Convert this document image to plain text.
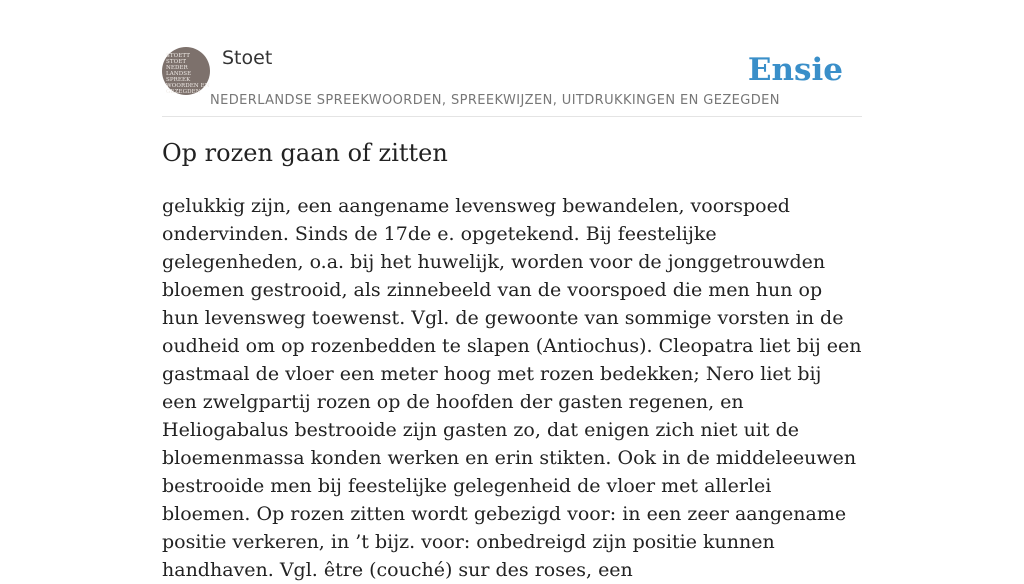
STOETT STOET
NEDER
LANDSE
SPREEK
WOORDEN EN
GEZEGDEN
Stoet
NEDERLANDSE SPREEKWOORDEN, SPREEKWIJZEN, UITDRUKKINGEN EN GEZEGDEN
Ensie
Op rozen gaan of zitten

gelukkig zijn, een aangename levensweg bewandelen, voorspoed ondervinden. Sinds de 17de e. opgetekend. Bij feestelijke gelegenheden, o.a. bij het huwelijk, worden voor de jonggetrouwden bloemen gestrooid, als zinnebeeld van de voorspoed die men hun op hun levensweg toewenst. Vgl. de gewoonte van sommige vorsten in de oudheid om op rozenbedden te slapen (Antiochus). Cleopatra liet bij een gastmaal de vloer een meter hoog met rozen bedekken; Nero liet bij een zwelgpartij rozen op de hoofden der gasten regenen, en Heliogabalus bestrooide zijn gasten zo, dat enigen zich niet uit de bloemenmassa konden werken en erin stikten. Ook in de middeleeuwen bestrooide men bij feestelijke gelegenheid de vloer met allerlei bloemen. Op rozen zitten wordt gebezigd voor: in een zeer aangename positie verkeren, in ’t bijz. voor: onbedreigd zijn positie kunnen handhaven. Vgl. être (couché) sur des roses, een
